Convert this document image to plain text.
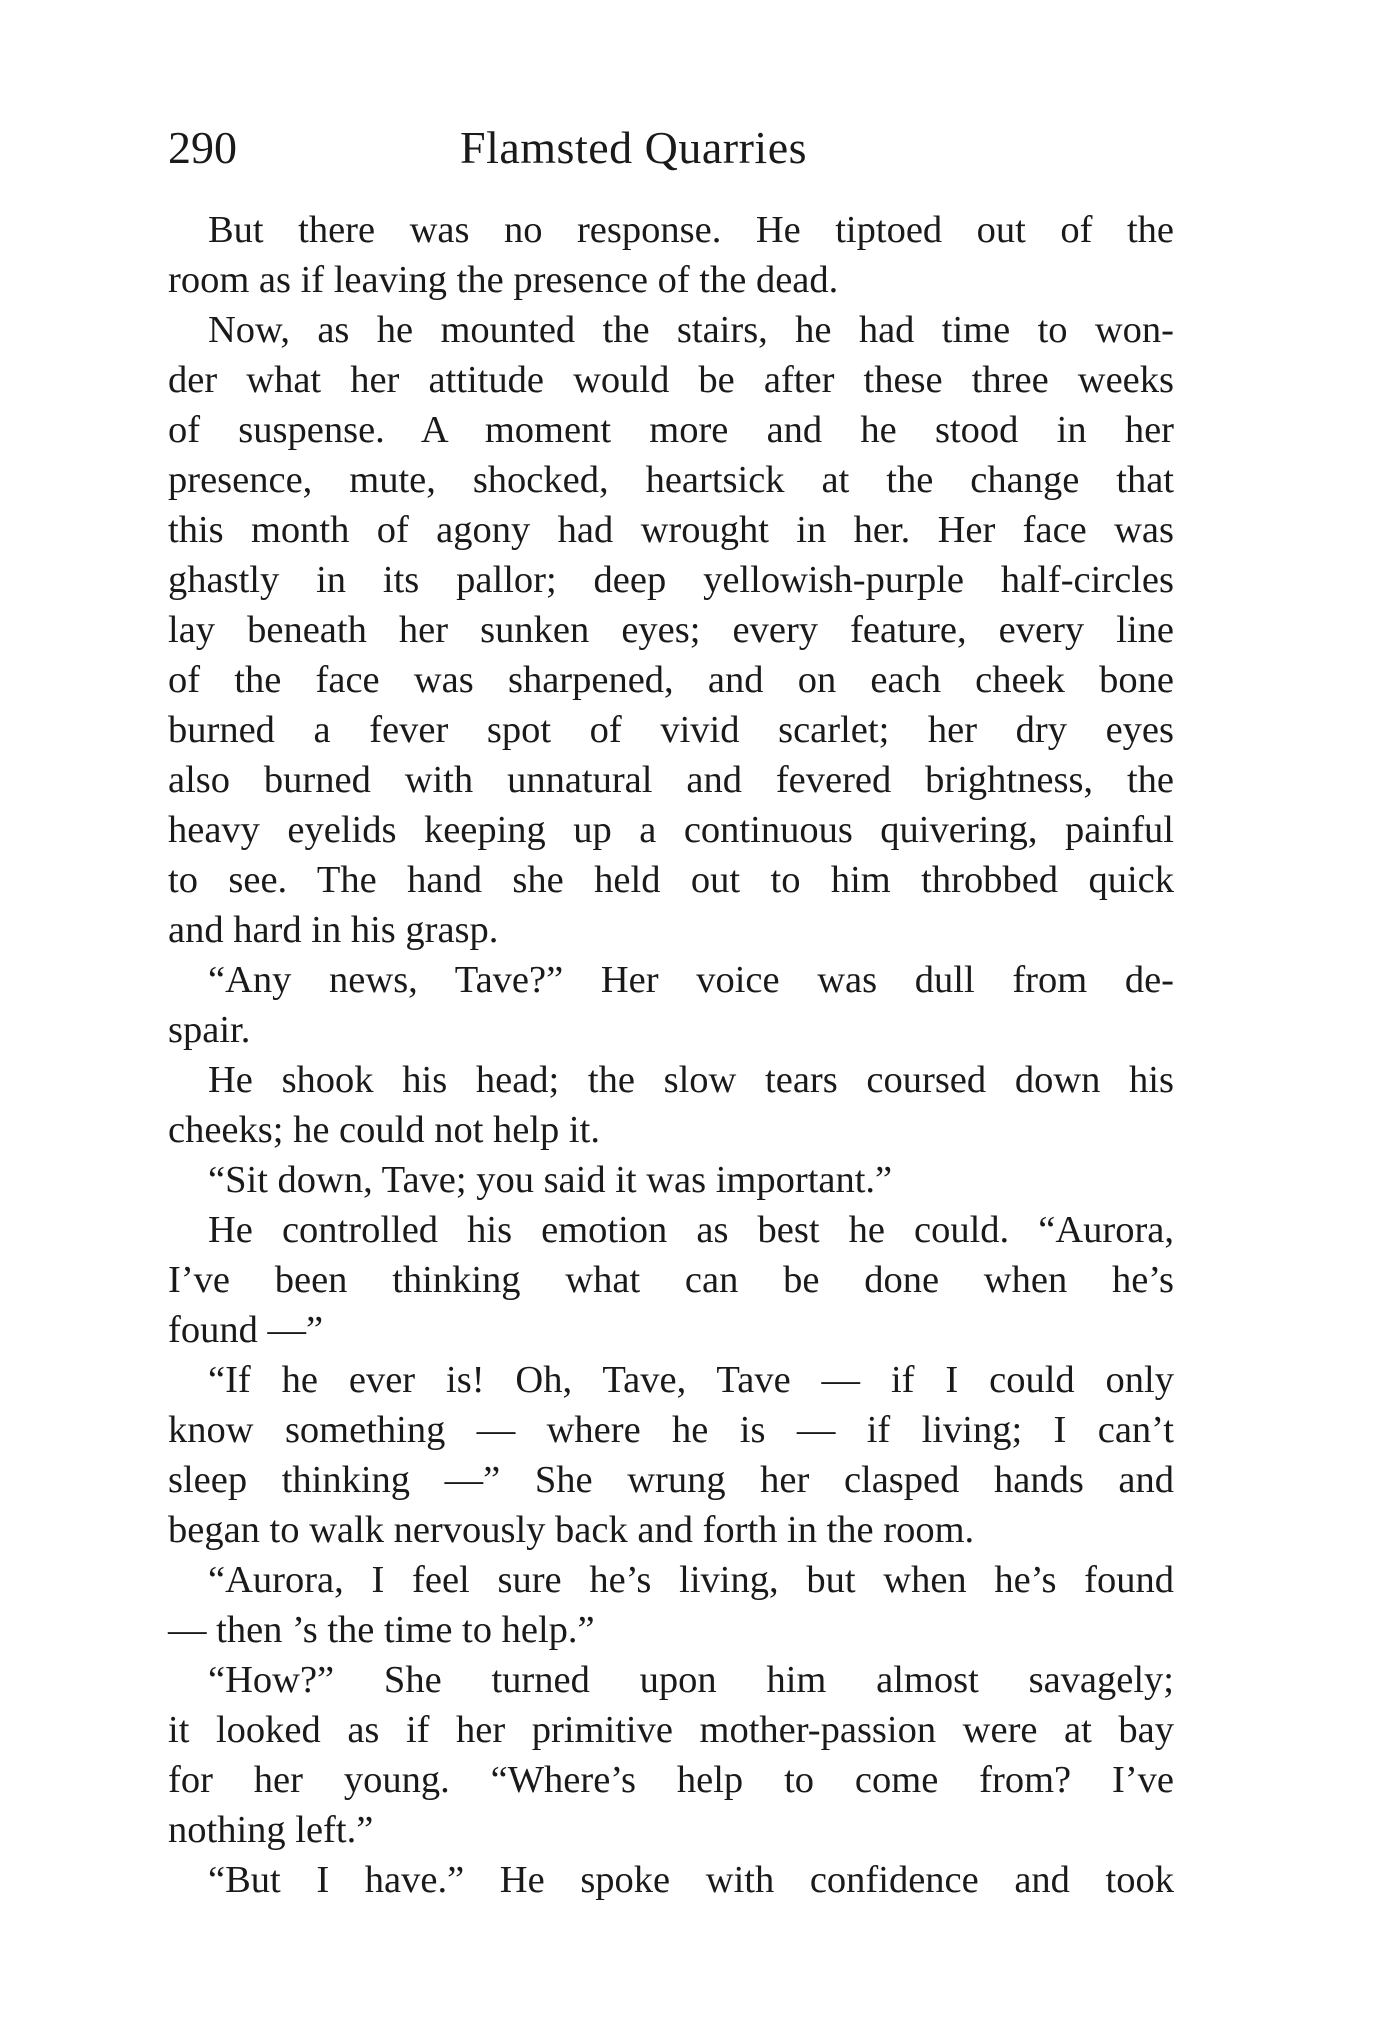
290	Flamsted Quarries
But there was no response. He tiptoed out of the
room as if leaving the presence of the dead.
Now, as he mounted the stairs, he had time to won-
der what her attitude would be after these three weeks
of suspense. A moment more and he stood in her
presence, mute, shocked, heartsick at the change that
this month of agony had wrought in her. Her face was
ghastly in its pallor; deep yellowish-purple half-circles
lay beneath her sunken eyes; every feature, every line
of the face was sharpened, and on each cheek bone
burned a fever spot of vivid scarlet; her dry eyes
also burned with unnatural and fevered brightness, the
heavy eyelids keeping up a continuous quivering, painful
to see. The hand she held out to him throbbed quick
and hard in his grasp.
“Any news, Tave?” Her voice was dull from de-
spair.
He shook his head; the slow tears coursed down his
cheeks; he could not help it.
“Sit down, Tave; you said it was important.”
He controlled his emotion as best he could. “Aurora,
I’ve been thinking what can be done when he’s
found —”
“If he ever is! Oh, Tave, Tave — if I could only
know something — where he is — if living; I can’t
sleep thinking —” She wrung her clasped hands and
began to walk nervously back and forth in the room.
“Aurora, I feel sure he’s living, but when he’s found
— then ’s the time to help.”
“How?” She turned upon him almost savagely;
it looked as if her primitive mother-passion were at bay
for her young. “Where’s help to come from? I’ve
nothing left.”
“But I have.” He spoke with confidence and took
